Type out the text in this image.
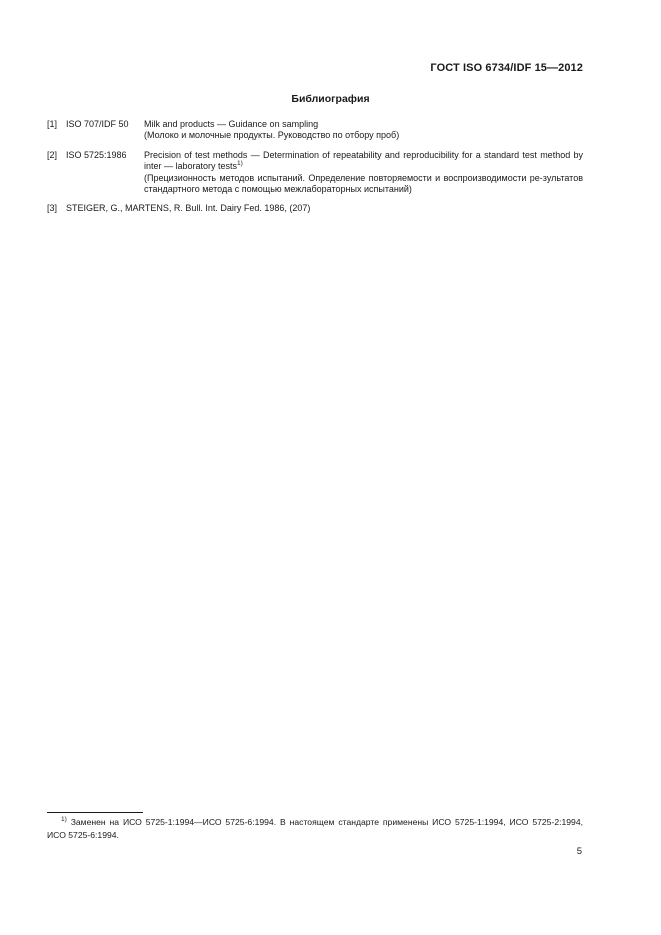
ГОСТ ISO 6734/IDF 15—2012
Библиография
[1] ISO 707/IDF 50 Milk and products — Guidance on sampling
(Молоко и молочные продукты. Руководство по отбору проб)
[2] ISO 5725:1986 Precision of test methods — Determination of repeatability and reproducibility for a standard test method by inter — laboratory tests$^{1)}$
(Прецизионность методов испытаний. Определение повторяемости и воспроизводимости ре-зультатов стандартного метода с помощью межлабораторных испытаний)
[3] STEIGER, G., MARTENS, R. Bull. Int. Dairy Fed. 1986, (207)
$^{1)}$ Заменен на ИСО 5725-1:1994—ИСО 5725-6:1994. В настоящем стандарте применены ИСО 5725-1:1994, ИСО 5725-2:1994, ИСО 5725-6:1994.
5
